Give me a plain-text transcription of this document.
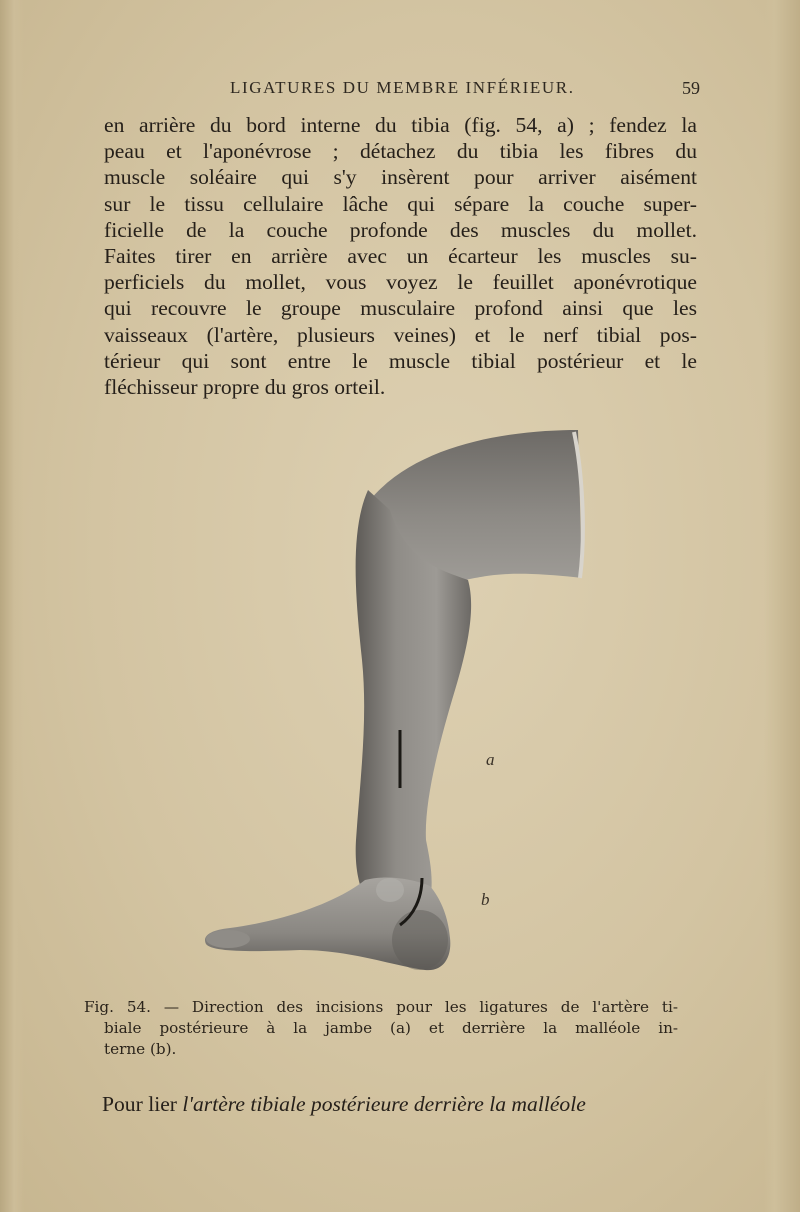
LIGATURES DU MEMBRE INFÉRIEUR.	59
en arrière du bord interne du tibia (fig. 54, a) ; fendez la
peau et l'aponévrose ; détachez du tibia les fibres du
muscle soléaire qui s'y insèrent pour arriver aisément
sur le tissu cellulaire lâche qui sépare la couche super-
ficielle de la couche profonde des muscles du mollet.
Faites tirer en arrière avec un écarteur les muscles su-
perficiels du mollet, vous voyez le feuillet aponévrotique
qui recouvre le groupe musculaire profond ainsi que les
vaisseaux (l'artère, plusieurs veines) et le nerf tibial pos-
térieur qui sont entre le muscle tibial postérieur et le
fléchisseur propre du gros orteil.
a
b
Fig. 54. — Direction des incisions pour les ligatures de l'artère ti-
biale postérieure à la jambe (a) et derrière la malléole in-
terne (b).
Pour lier l'artère tibiale postérieure derrière la malléole
